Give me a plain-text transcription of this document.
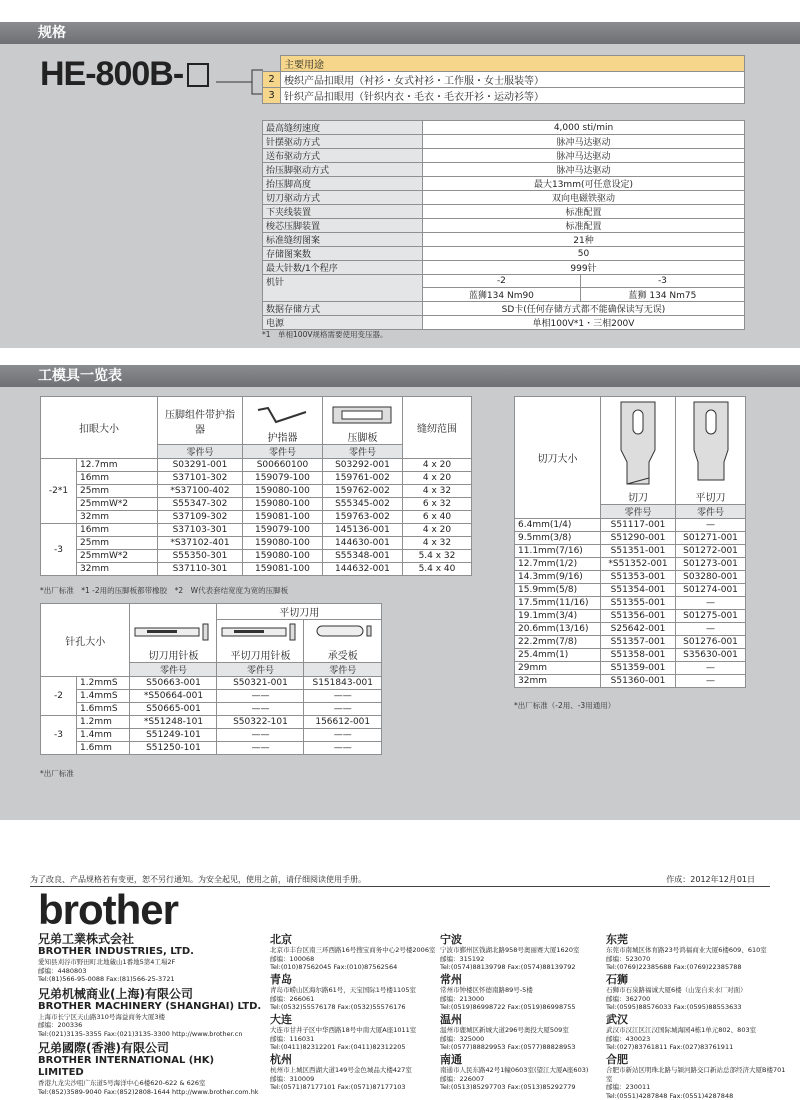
规格
HE-800B-
		主要用途
2	梭织产品扣眼用（衬衫・女式衬衫・工作服・女士服装等）
3	针织产品扣眼用（针织内衣・毛衣・毛衣开衫・运动衫等）
最高缝纫速度	4,000 sti/min	
针摆驱动方式	脉冲马达驱动	
送布驱动方式	脉冲马达驱动	
抬压脚驱动方式	脉冲马达驱动	
抬压脚高度	最大13mm(可任意设定)	
切刀驱动方式	双向电磁铁驱动	
下夹线装置	标准配置	
梭芯压脚装置	标准配置	
标准缝纫图案	21种	
存储图案数	50	
最大针数/1个程序	999针	
机针	-2	-3
	蓝狮134 Nm90	蓝狮 134 Nm75
数据存储方式	SD卡(任何存储方式都不能确保读写无误)	
电源	单相100V*1・三相200V	
*1　单相100V规格需要使用变压器。
工模具一览表
扣眼大小		压脚组件带护指器	护指器	压脚板	缝纫范围
		零件号	零件号	零件号	
-2*1	12.7mm	S03291-001	S00660100	S03292-001	4 x 20
	16mm	S37101-302	159079-100	159761-002	4 x 20
	25mm	*S37100-402	159080-100	159762-002	4 x 32
	25mmW*2	S55347-302	159080-100	S55345-002	6 x 32
	32mm	S37109-302	159081-100	159763-002	6 x 40
-3	16mm	S37103-301	159079-100	145136-001	4 x 20
	25mm	*S37102-401	159080-100	144630-001	4 x 32
	25mmW*2	S55350-301	159080-100	S55348-001	5.4 x 32
	32mm	S37110-301	159081-100	144632-001	5.4 x 40
*出厂标准　*1 -2用的压脚板都带橡胶　*2　W代表套结宽度为宽的压脚板
针孔大小		切刀用针板	平切刀用	

			平切刀用针板	承受板

		零件号	零件号	零件号
-2	1.2mmS	S50663-001	S50321-001	S151843-001
	1.4mmS	*S50664-001	——	——
	1.6mmS	S50665-001	——	——
-3	1.2mm	*S51248-101	S50322-101	156612-001
	1.4mm	S51249-101	——	——
	1.6mm	S51250-101	——	——
*出厂标准
切刀大小	切刀	平切刀

	零件号	零件号
6.4mm(1/4)	S51117-001	—
9.5mm(3/8)	S51290-001	S01271-001
11.1mm(7/16)	S51351-001	S01272-001
12.7mm(1/2)	*S51352-001	S01273-001
14.3mm(9/16)	S51353-001	S03280-001
15.9mm(5/8)	S51354-001	S01274-001
17.5mm(11/16)	S51355-001	—
19.1mm(3/4)	S51356-001	S01275-001
20.6mm(13/16)	S25642-001	—
22.2mm(7/8)	S51357-001	S01276-001
25.4mm(1)	S51358-001	S35630-001
29mm	S51359-001	—
32mm	S51360-001	—
*出厂标准（-2用、-3用通用）
为了改良、产品规格若有变更，恕不另行通知。为安全起见，使用之前，请仔细阅读使用手册。	作成：2012年12月01日
brother
兄弟工業株式会社
BROTHER INDUSTRIES, LTD.
愛知县刈谷市野田町北地蔵山1番地5第4工場2F
邮编：4480803
Tel:(81)566-95-0088 Fax:(81)566-25-3721
兄弟机械商业(上海)有限公司
BROTHER MACHINERY (SHANGHAI) LTD.
上海市长宁区天山路310号海益商务大厦3楼
邮编：200336
Tel:(021)3135-3355 Fax:(021)3135-3300 http://www.brother.cn
兄弟國際(香港)有限公司
BROTHER INTERNATIONAL (HK) LIMITED
香港九龙尖沙咀广东道5号海洋中心6楼620-622 & 626室
Tel:(852)3589-9040 Fax:(852)2808-1644 http://www.brother.com.hk
北京
北京市丰台区南三环西路16号搜宝商务中心2号楼2006室
邮编：100068
Tel:(010)87562045 Fax:(010)87562564
青岛
青岛市崂山区海尔路61号，天宝国际1号楼1105室
邮编：266061
Tel:(0532)55576178 Fax:(0532)55576176
大连
大连市甘井子区中华西路18号中南大厦A座1011室
邮编：116031
Tel:(0411)82312201 Fax:(0411)82312205
杭州
杭州市上城区西湖大道149号金色城品大楼427室
邮编：310009
Tel:(0571)87177101 Fax:(0571)87177103
宁波
宁波市鄞州区钱湖北路958号奥丽赛大厦1620室
邮编：315192
Tel:(0574)88139798 Fax:(0574)88139792
常州
常州市钟楼区怀德南路89号-5楼
邮编：213000
Tel:(0519)86998722 Fax:(0519)86998755
温州
温州市鹿城区新城大道296号奥投大厦509室
邮编：325000
Tel:(0577)88829953 Fax:(0577)88828953
南通
南通市人民东路42号1幢0603室(望江大厦A座603)
邮编：226007
Tel:(0513)85297703 Fax:(0513)85292779
东莞
东莞市南城区体育路23号鸿福商业大厦6楼609、610室
邮编：523070
Tel:(0769)22385688 Fax:(0769)22385788
石狮
石狮市石泉路福诚大厦6楼（山宠自来水厂对面）
邮编：362700
Tel:(0595)88576033 Fax:(0595)88553633
武汉
武汉市汉江区江汉国际城海园4栋1单元802、803室
邮编：430023
Tel:(027)83761811 Fax:(027)83761911
合肥
合肥市新站区明珠北路与颍河路交口新站总部经济大厦B楼701室
邮编：230011
Tel:(0551)4287848 Fax:(0551)4287848
